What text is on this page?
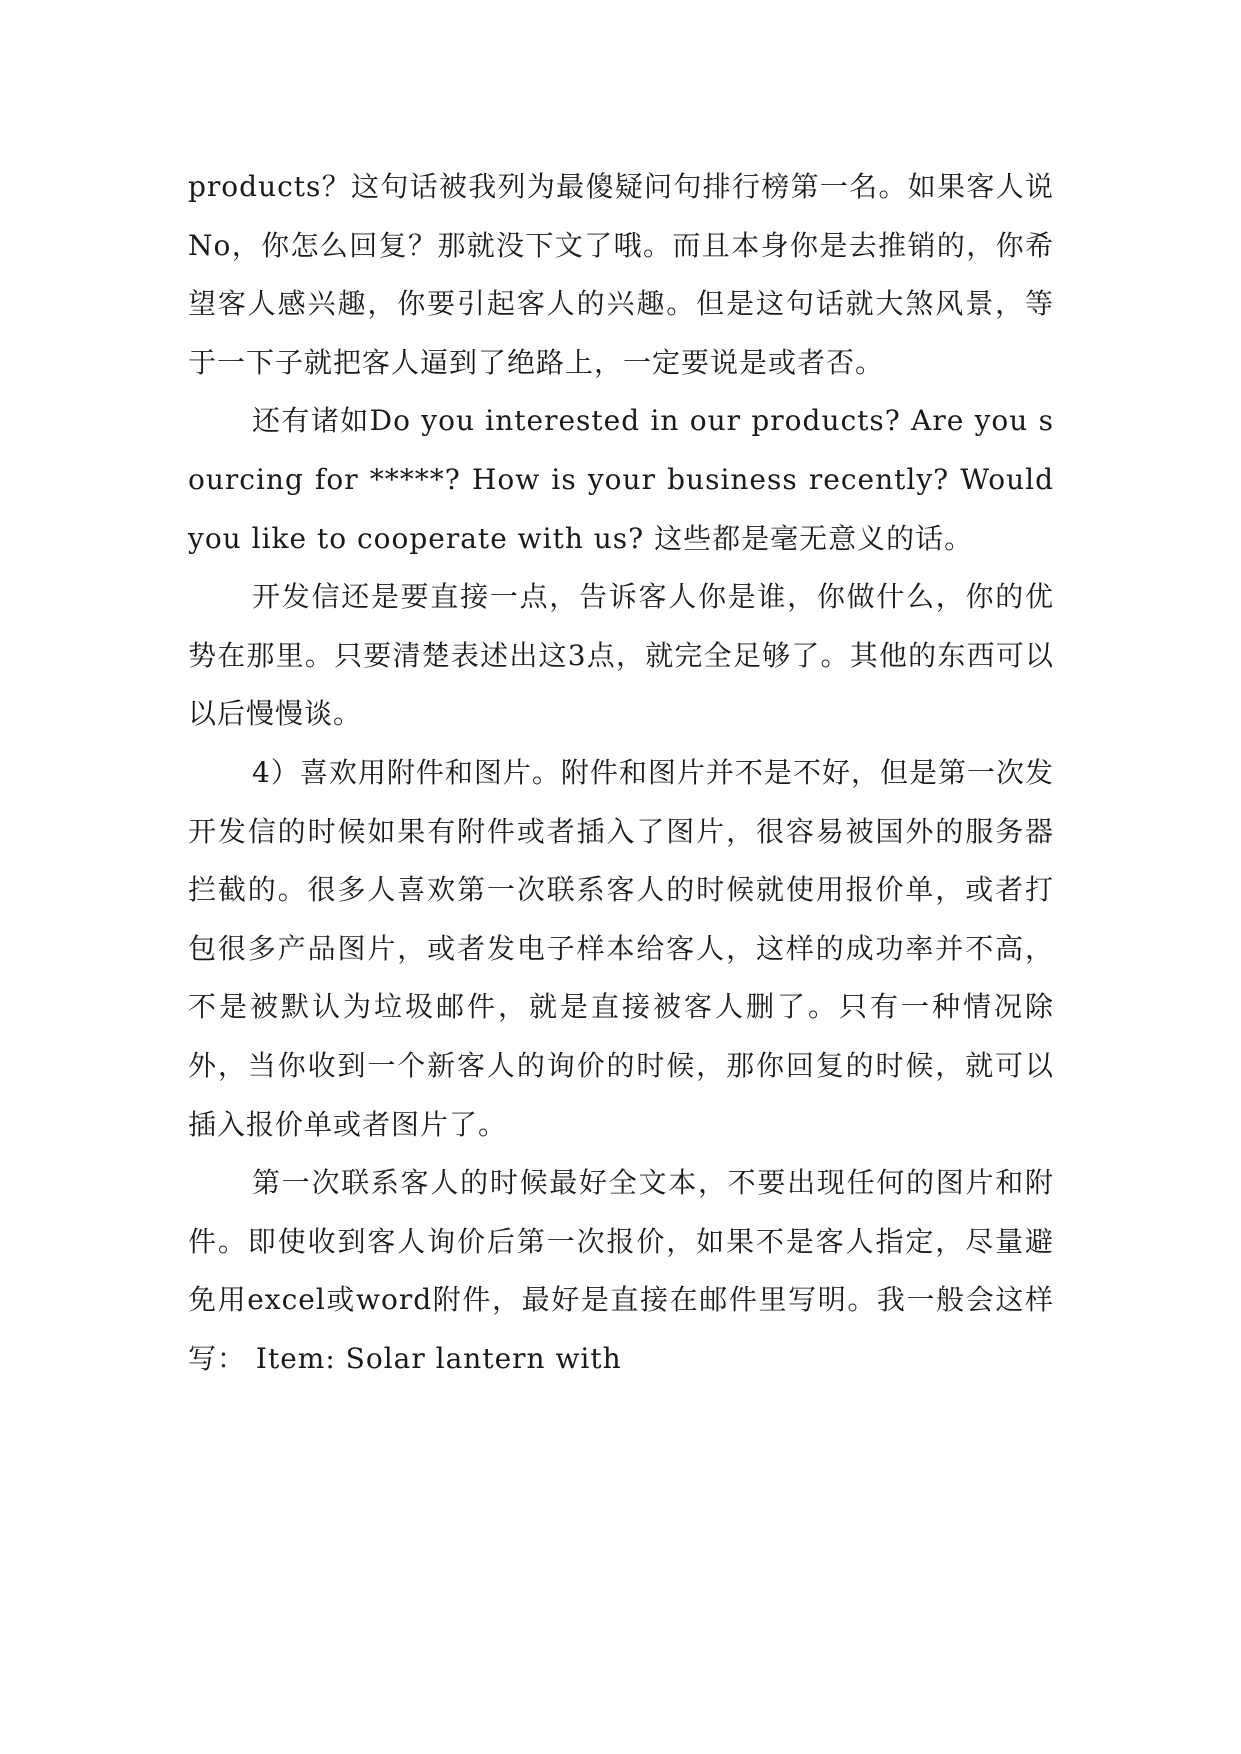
products？这句话被我列为最傻疑问句排行榜第一名。如果客人说No，你怎么回复？那就没下文了哦。而且本身你是去推销的，你希望客人感兴趣，你要引起客人的兴趣。但是这句话就大煞风景，等于一下子就把客人逼到了绝路上，一定要说是或者否。

还有诸如Do you interested in our products? Are you sourcing for *****? How is your business recently? Would you like to cooperate with us? 这些都是毫无意义的话。

开发信还是要直接一点，告诉客人你是谁，你做什么，你的优势在那里。只要清楚表述出这3点，就完全足够了。其他的东西可以以后慢慢谈。

4）喜欢用附件和图片。附件和图片并不是不好，但是第一次发开发信的时候如果有附件或者插入了图片，很容易被国外的服务器拦截的。很多人喜欢第一次联系客人的时候就使用报价单，或者打包很多产品图片，或者发电子样本给客人，这样的成功率并不高，不是被默认为垃圾邮件，就是直接被客人删了。只有一种情况除外，当你收到一个新客人的询价的时候，那你回复的时候，就可以插入报价单或者图片了。

第一次联系客人的时候最好全文本，不要出现任何的图片和附件。即使收到客人询价后第一次报价，如果不是客人指定，尽量避免用excel或word附件，最好是直接在邮件里写明。我一般会这样写： Item: Solar lantern with
